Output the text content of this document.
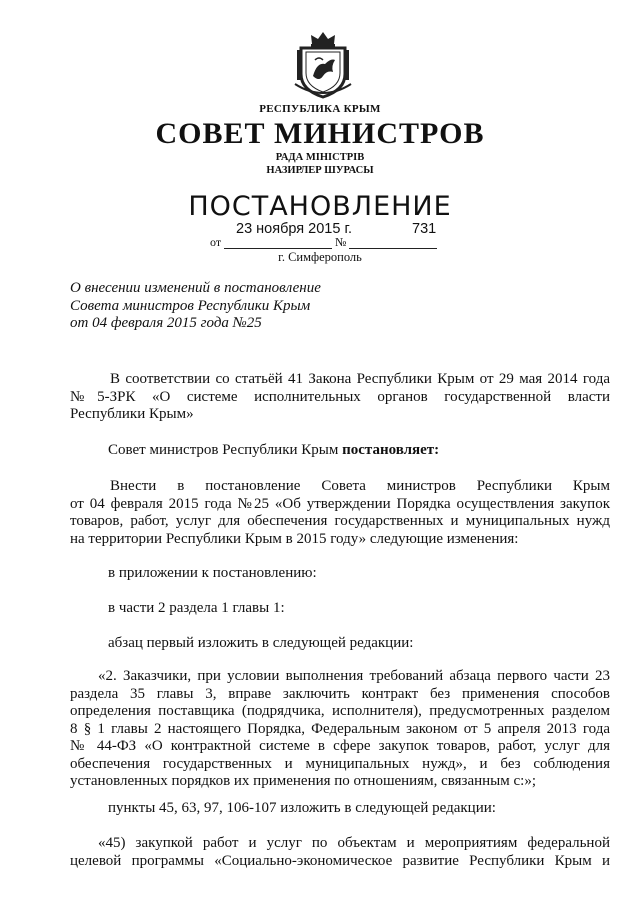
РЕСПУБЛИКА КРЫМ
СОВЕТ МИНИСТРОВ
РАДА МІНІСТРІВ
НАЗИРЛЕР ШУРАСЫ
ПОСТАНОВЛЕНИЕ
23 ноября 2015 г.	731
от	№
г. Симферополь
О внесении изменений в постановление
Совета министров Республики Крым
от 04 февраля 2015 года №25
В соответствии со статьёй 41 Закона Республики Крым от 29 мая 2014 года
№5-ЗРК «О системе исполнительных органов государственной власти
Республики Крым»
Совет министров Республики Крым постановляет:
Внести в постановление Совета министров Республики Крым
от 04 февраля 2015 года №25 «Об утверждении Порядка осуществления закупок
товаров, работ, услуг для обеспечения государственных и муниципальных нужд
на территории Республики Крым в 2015 году» следующие изменения:
в приложении к постановлению:
в части 2 раздела 1 главы 1:
абзац первый изложить в следующей редакции:
«2. Заказчики, при условии выполнения требований абзаца первого части 23
раздела 35 главы 3, вправе заключить контракт без применения способов
определения поставщика (подрядчика, исполнителя), предусмотренных разделом
8 § 1 главы 2 настоящего Порядка, Федеральным законом от 5 апреля 2013 года
№ 44-ФЗ «О контрактной системе в сфере закупок товаров, работ, услуг для
обеспечения государственных и муниципальных нужд», и без соблюдения
установленных порядков их применения по отношениям, связанным с:»;
пункты 45, 63, 97, 106-107 изложить в следующей редакции:
«45) закупкой работ и услуг по объектам и мероприятиям федеральной
целевой программы «Социально-экономическое развитие Республики Крым и
